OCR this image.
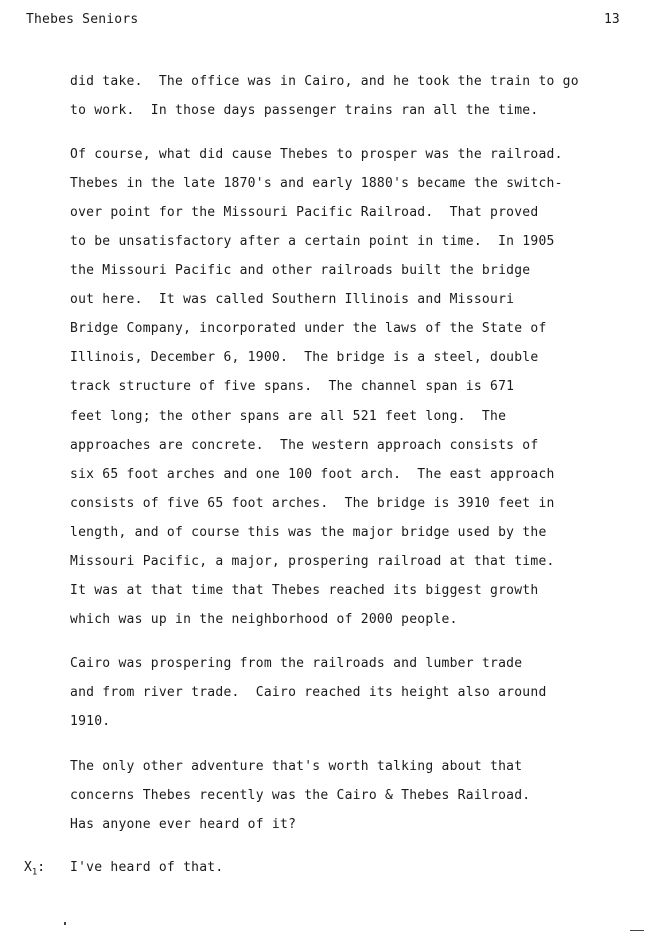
Thebes Seniors	13
did take.  The office was in Cairo, and he took the train to go
to work.  In those days passenger trains ran all the time.
Of course, what did cause Thebes to prosper was the railroad.
Thebes in the late 1870's and early 1880's became the switch-
over point for the Missouri Pacific Railroad.  That proved
to be unsatisfactory after a certain point in time.  In 1905
the Missouri Pacific and other railroads built the bridge
out here.  It was called Southern Illinois and Missouri
Bridge Company, incorporated under the laws of the State of
Illinois, December 6, 1900.  The bridge is a steel, double
track structure of five spans.  The channel span is 671
feet long; the other spans are all 521 feet long.  The
approaches are concrete.  The western approach consists of
six 65 foot arches and one 100 foot arch.  The east approach
consists of five 65 foot arches.  The bridge is 3910 feet in
length, and of course this was the major bridge used by the
Missouri Pacific, a major, prospering railroad at that time.
It was at that time that Thebes reached its biggest growth
which was up in the neighborhood of 2000 people.
Cairo was prospering from the railroads and lumber trade
and from river trade.  Cairo reached its height also around
1910.
The only other adventure that's worth talking about that
concerns Thebes recently was the Cairo & Thebes Railroad.
Has anyone ever heard of it?
$X_1$: I've heard of that.
